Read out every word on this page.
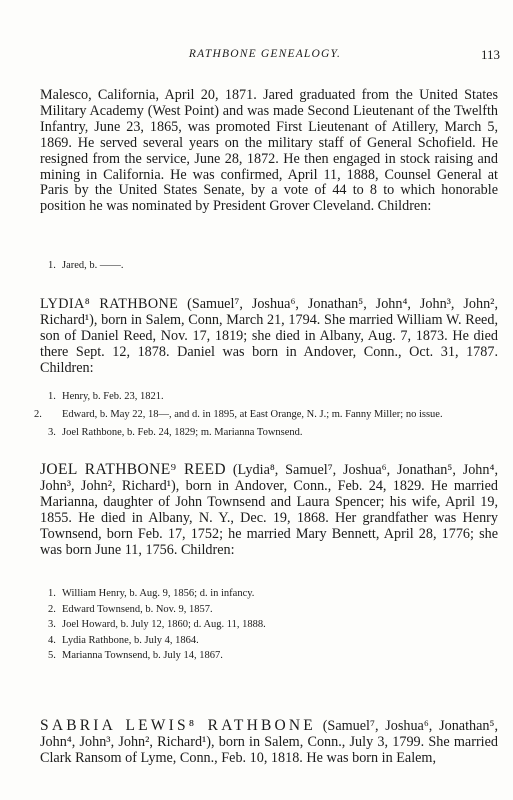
RATHBONE GENEALOGY.	113

Malesco, California, April 20, 1871. Jared graduated from the United States Military Academy (West Point) and was made Second Lieutenant of the Twelfth Infantry, June 23, 1865, was promoted First Lieutenant of Atillery, March 5, 1869. He served several years on the military staff of General Schofield. He resigned from the service, June 28, 1872. He then engaged in stock raising and mining in California. He was confirmed, April 11, 1888, Counsel General at Paris by the United States Senate, by a vote of 44 to 8 to which honorable position he was nominated by President Grover Cleveland. Children:

1. Jared, b. ——.

LYDIA⁸ RATHBONE (Samuel⁷, Joshua⁶, Jonathan⁵, John⁴, John³, John², Richard¹), born in Salem, Conn, March 21, 1794. She married William W. Reed, son of Daniel Reed, Nov. 17, 1819; she died in Albany, Aug. 7, 1873. He died there Sept. 12, 1878. Daniel was born in Andover, Conn., Oct. 31, 1787. Children:

1. Henry, b. Feb. 23, 1821.
2. Edward, b. May 22, 18—, and d. in 1895, at East Orange, N. J.; m. Fanny Miller; no issue.
3. Joel Rathbone, b. Feb. 24, 1829; m. Marianna Townsend.

JOEL RATHBONE⁹ REED (Lydia⁸, Samuel⁷, Joshua⁶, Jonathan⁵, John⁴, John³, John², Richard¹), born in Andover, Conn., Feb. 24, 1829. He married Marianna, daughter of John Townsend and Laura Spencer; his wife, April 19, 1855. He died in Albany, N. Y., Dec. 19, 1868. Her grandfather was Henry Townsend, born Feb. 17, 1752; he married Mary Bennett, April 28, 1776; she was born June 11, 1756. Children:

1. William Henry, b. Aug. 9, 1856; d. in infancy.
2. Edward Townsend, b. Nov. 9, 1857.
3. Joel Howard, b. July 12, 1860; d. Aug. 11, 1888.
4. Lydia Rathbone, b. July 4, 1864.
5. Marianna Townsend, b. July 14, 1867.

SABRIA LEWIS⁸ RATHBONE (Samuel⁷, Joshua⁶, Jonathan⁵, John⁴, John³, John², Richard¹), born in Salem, Conn., July 3, 1799. She married Clark Ransom of Lyme, Conn., Feb. 10, 1818. He was born in Ealem,
